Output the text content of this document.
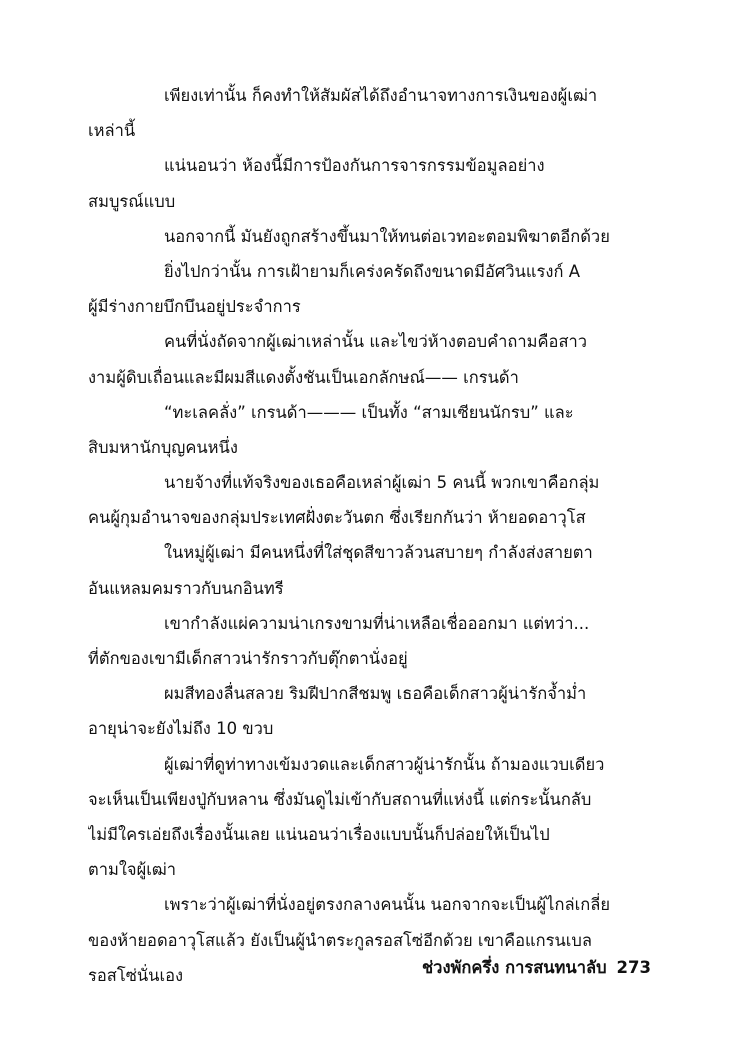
เพียงเท่านั้น ก็คงทำให้สัมผัสได้ถึงอำนาจทางการเงินของผู้เฒ่า
เหล่านี้
แน่นอนว่า ห้องนี้มีการป้องกันการจารกรรมข้อมูลอย่าง
สมบูรณ์แบบ
นอกจากนี้ มันยังถูกสร้างขึ้นมาให้ทนต่อเวทอะตอมพิฆาตอีกด้วย
ยิ่งไปกว่านั้น การเฝ้ายามก็เคร่งครัดถึงขนาดมีอัศวินแรงก์ A
ผู้มีร่างกายบึกบึนอยู่ประจำการ
คนที่นั่งถัดจากผู้เฒ่าเหล่านั้น และไขว่ห้างตอบคำถามคือสาว
งามผู้ดิบเถื่อนและมีผมสีแดงตั้งชันเป็นเอกลักษณ์—— เกรนด้า
“ทะเลคลั่ง” เกรนด้า——— เป็นทั้ง “สามเซียนนักรบ” และ
สิบมหานักบุญคนหนึ่ง
นายจ้างที่แท้จริงของเธอคือเหล่าผู้เฒ่า 5 คนนี้ พวกเขาคือกลุ่ม
คนผู้กุมอำนาจของกลุ่มประเทศฝั่งตะวันตก ซึ่งเรียกกันว่า ห้ายอดอาวุโส
ในหมู่ผู้เฒ่า มีคนหนึ่งที่ใส่ชุดสีขาวล้วนสบายๆ กำลังส่งสายตา
อันแหลมคมราวกับนกอินทรี
เขากำลังแผ่ความน่าเกรงขามที่น่าเหลือเชื่อออกมา แต่ทว่า...
ที่ตักของเขามีเด็กสาวน่ารักราวกับตุ๊กตานั่งอยู่
ผมสีทองลื่นสลวย ริมฝีปากสีชมพู เธอคือเด็กสาวผู้น่ารักจ้ำม่ำ
อายุน่าจะยังไม่ถึง 10 ขวบ
ผู้เฒ่าที่ดูท่าทางเข้มงวดและเด็กสาวผู้น่ารักนั้น ถ้ามองแวบเดียว
จะเห็นเป็นเพียงปู่กับหลาน ซึ่งมันดูไม่เข้ากับสถานที่แห่งนี้ แต่กระนั้นกลับ
ไม่มีใครเอ่ยถึงเรื่องนั้นเลย แน่นอนว่าเรื่องแบบนั้นก็ปล่อยให้เป็นไป
ตามใจผู้เฒ่า
เพราะว่าผู้เฒ่าที่นั่งอยู่ตรงกลางคนนั้น นอกจากจะเป็นผู้ไกล่เกลี่ย
ของห้ายอดอาวุโสแล้ว ยังเป็นผู้นำตระกูลรอสโซ่อีกด้วย เขาคือแกรนเบล
รอสโซ่นั่นเอง	ช่วงพักครึ่ง การสนทนาลับ 273
